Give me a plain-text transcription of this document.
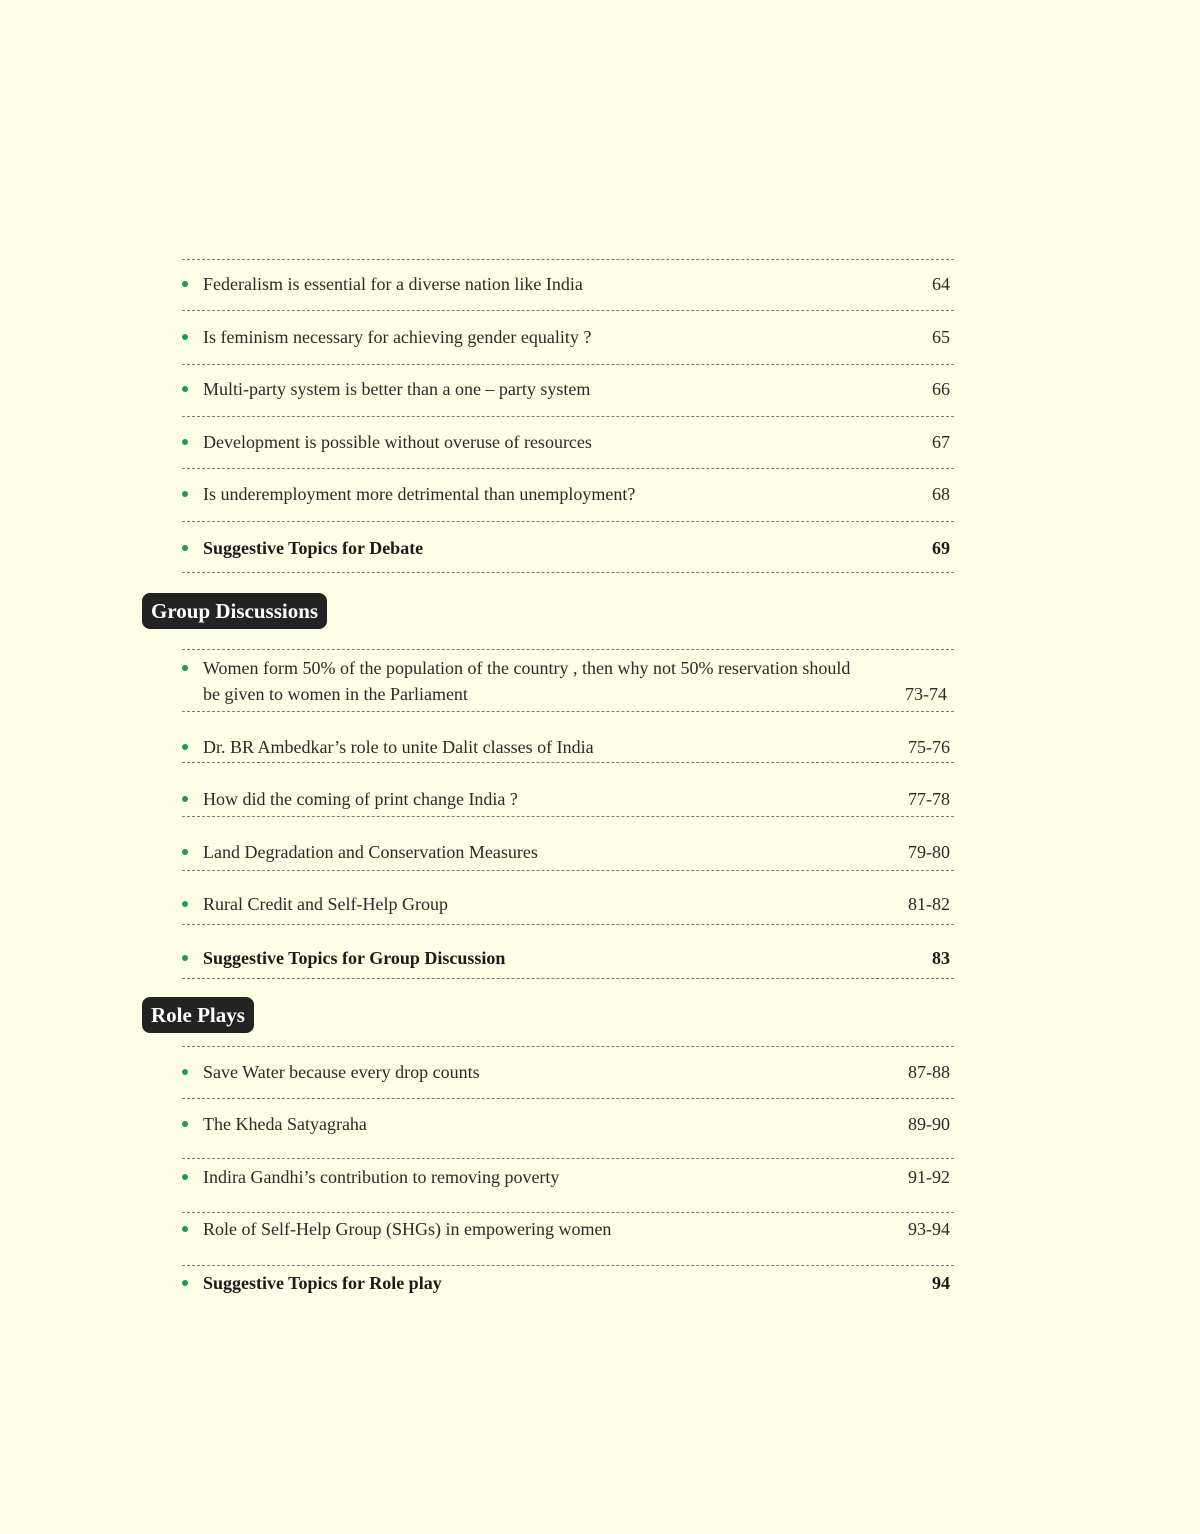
Federalism is essential for a diverse nation like India	64
Is feminism necessary for achieving gender equality ?	65
Multi-party system is better than a one – party system	66
Development is possible without overuse of resources	67
Is underemployment more detrimental than unemployment?	68
Suggestive Topics for Debate	69
Group Discussions
Women form 50% of the population of the country , then why not 50% reservation should be given to women in the Parliament	73-74
Dr. BR Ambedkar’s role to unite Dalit classes of India	75-76
How did the coming of print change India ?	77-78
Land Degradation and Conservation Measures	79-80
Rural Credit and Self-Help Group	81-82
Suggestive Topics for Group Discussion	83
Role Plays
Save Water because every drop counts	87-88
The Kheda Satyagraha	89-90
Indira Gandhi’s contribution to removing poverty	91-92
Role of Self-Help Group (SHGs) in empowering women	93-94
Suggestive Topics for Role play	94
